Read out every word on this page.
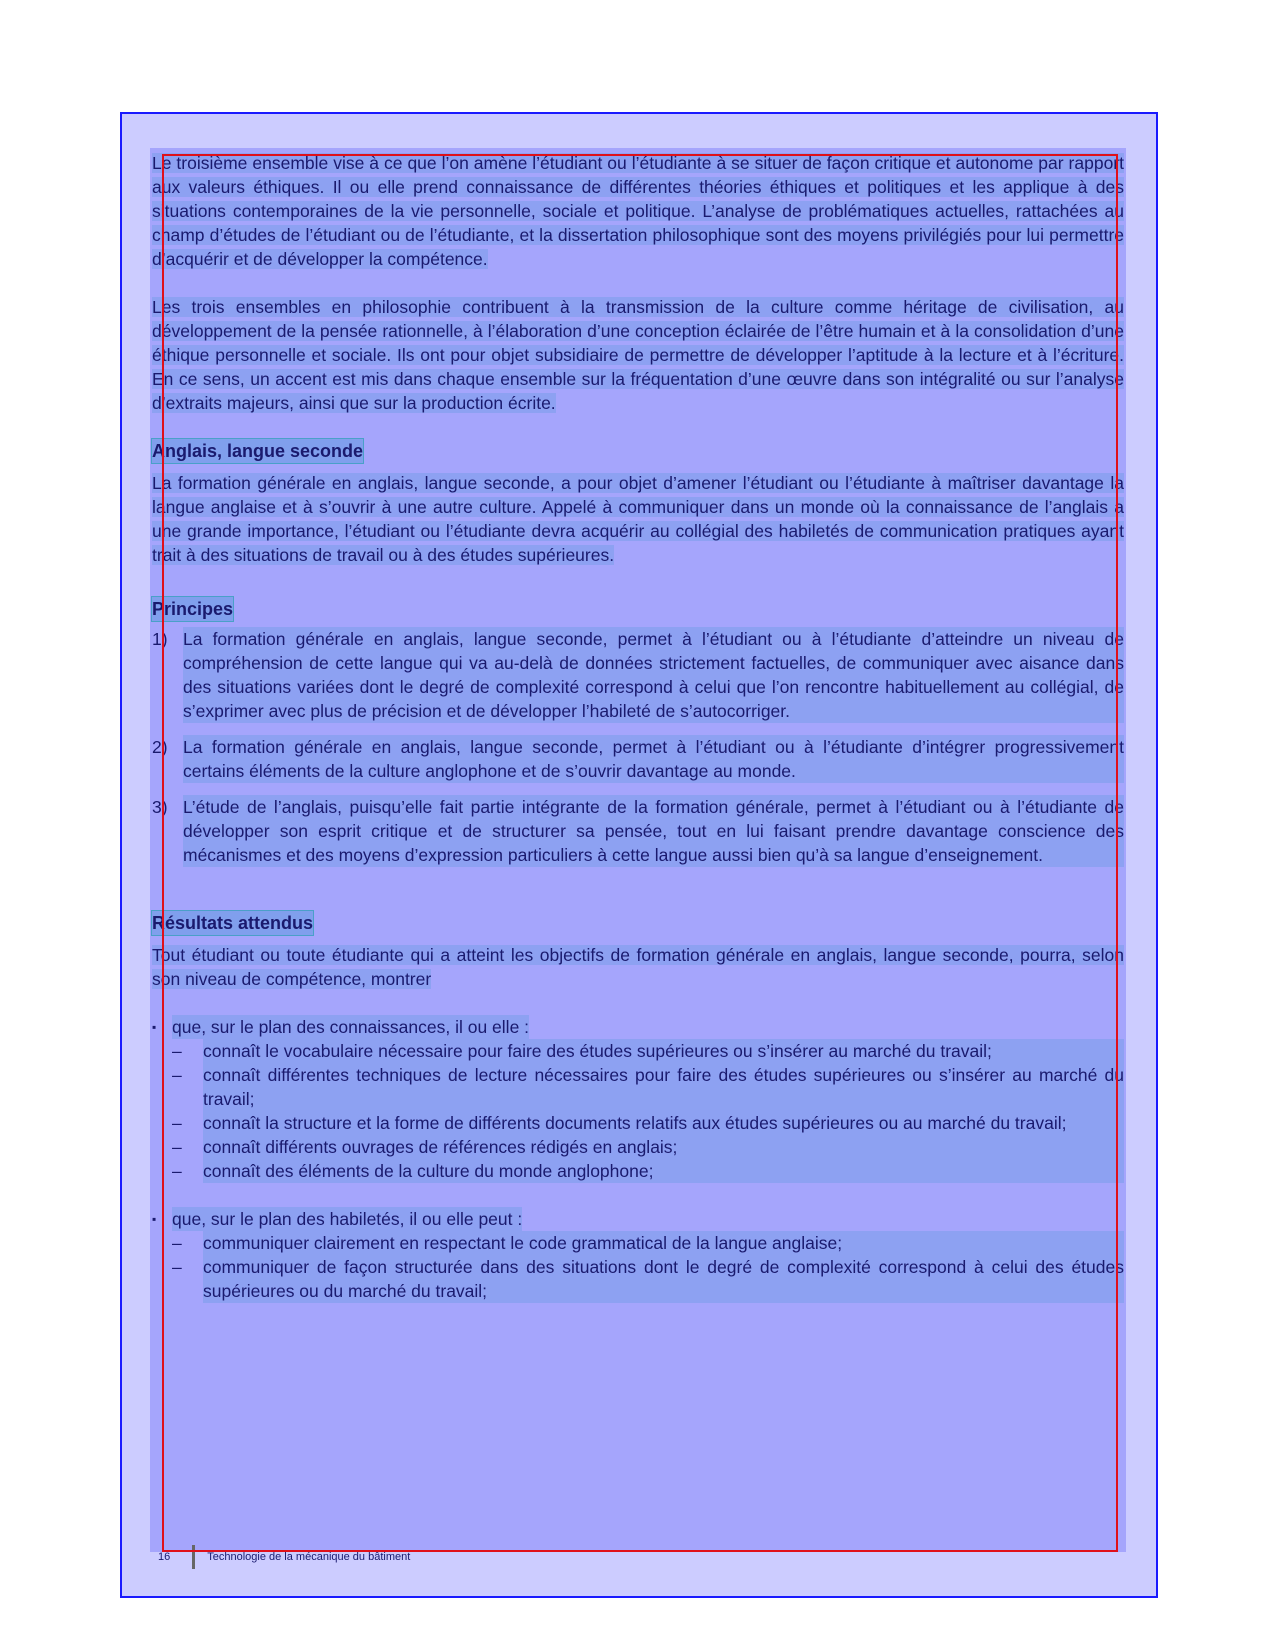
Le troisième ensemble vise à ce que l’on amène l’étudiant ou l’étudiante à se situer de façon critique et autonome par rapport aux valeurs éthiques. Il ou elle prend connaissance de différentes théories éthiques et politiques et les applique à des situations contemporaines de la vie personnelle, sociale et politique. L’analyse de problématiques actuelles, rattachées au champ d’études de l’étudiant ou de l’étudiante, et la dissertation philosophique sont des moyens privilégiés pour lui permettre d’acquérir et de développer la compétence.

Les trois ensembles en philosophie contribuent à la transmission de la culture comme héritage de civilisation, au développement de la pensée rationnelle, à l’élaboration d’une conception éclairée de l’être humain et à la consolidation d’une éthique personnelle et sociale. Ils ont pour objet subsidiaire de permettre de développer l’aptitude à la lecture et à l’écriture. En ce sens, un accent est mis dans chaque ensemble sur la fréquentation d’une œuvre dans son intégralité ou sur l’analyse d’extraits majeurs, ainsi que sur la production écrite.

Anglais, langue seconde

La formation générale en anglais, langue seconde, a pour objet d’amener l’étudiant ou l’étudiante à maîtriser davantage la langue anglaise et à s’ouvrir à une autre culture. Appelé à communiquer dans un monde où la connaissance de l’anglais a une grande importance, l’étudiant ou l’étudiante devra acquérir au collégial des habiletés de communication pratiques ayant trait à des situations de travail ou à des études supérieures.

Principes
1) La formation générale en anglais, langue seconde, permet à l’étudiant ou à l’étudiante d’atteindre un niveau de compréhension de cette langue qui va au-delà de données strictement factuelles, de communiquer avec aisance dans des situations variées dont le degré de complexité correspond à celui que l’on rencontre habituellement au collégial, de s’exprimer avec plus de précision et de développer l’habileté de s’autocorriger.
2) La formation générale en anglais, langue seconde, permet à l’étudiant ou à l’étudiante d’intégrer progressivement certains éléments de la culture anglophone et de s’ouvrir davantage au monde.
3) L’étude de l’anglais, puisqu’elle fait partie intégrante de la formation générale, permet à l’étudiant ou à l’étudiante de développer son esprit critique et de structurer sa pensée, tout en lui faisant prendre davantage conscience des mécanismes et des moyens d’expression particuliers à cette langue aussi bien qu’à sa langue d’enseignement.
Résultats attendus

Tout étudiant ou toute étudiante qui a atteint les objectifs de formation générale en anglais, langue seconde, pourra, selon son niveau de compétence, montrer

▪ que, sur le plan des connaissances, il ou elle :
–	connaît le vocabulaire nécessaire pour faire des études supérieures ou s’insérer au marché du travail;
–	connaît différentes techniques de lecture nécessaires pour faire des études supérieures ou s’insérer au marché du travail;
–	connaît la structure et la forme de différents documents relatifs aux études supérieures ou au marché du travail;
–	connaît différents ouvrages de références rédigés en anglais;
–	connaît des éléments de la culture du monde anglophone;
▪ que, sur le plan des habiletés, il ou elle peut :
–	communiquer clairement en respectant le code grammatical de la langue anglaise;
–	communiquer de façon structurée dans des situations dont le degré de complexité correspond à celui des études supérieures ou du marché du travail;
16	Technologie de la mécanique du bâtiment
